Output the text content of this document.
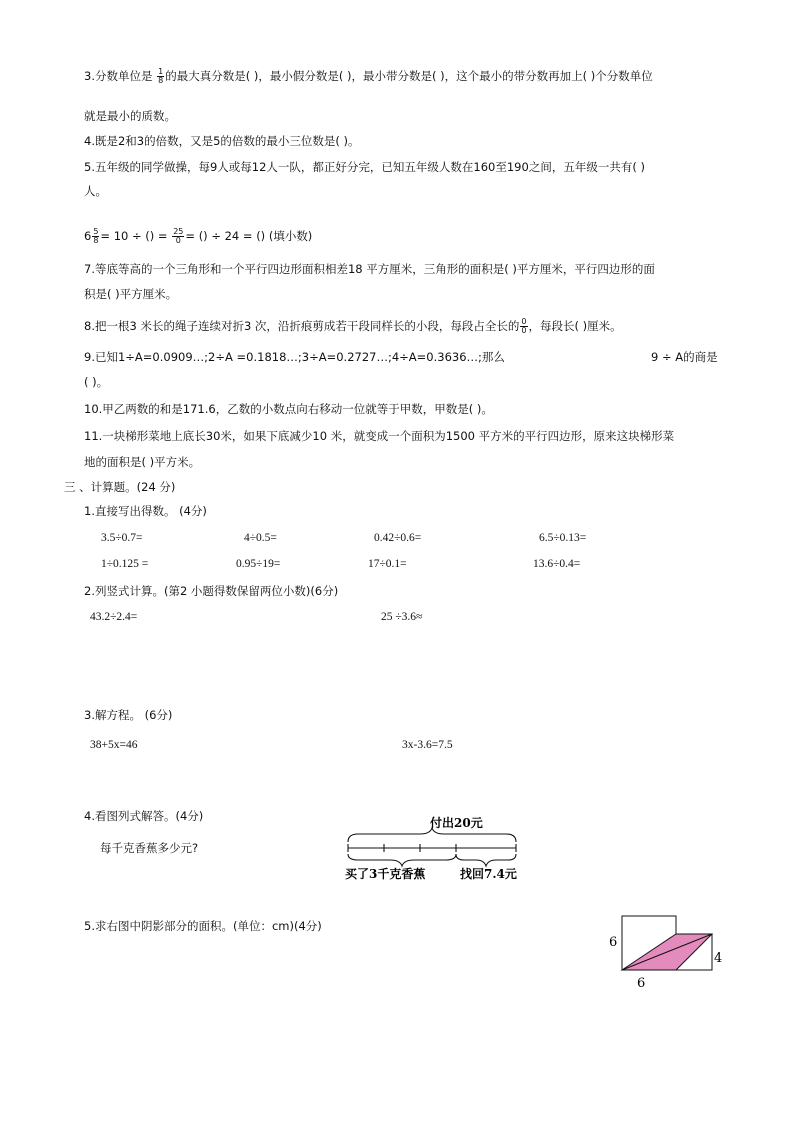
3.分数单位是 $\frac{1}{8}$ 的最大真分数是( )，最小假分数是( )，最小带分数是( )，这个最小的带分数再加上( )个分数单位
就是最小的质数。
4.既是2和3的倍数，又是5的倍数的最小三位数是( )。
5.五年级的同学做操，每9人或每12人一队，都正好分完，已知五年级人数在160至190之间，五年级一共有( )
人。
$6 \frac{5}{8} = 10$ ÷ () = $\frac{25}{0}$ = () ÷ 24 = () (填小数)
7.等底等高的一个三角形和一个平行四边形面积相差18 平方厘米，三角形的面积是( )平方厘米，平行四边形的面
积是( )平方厘米。
8.把一根3 米长的绳子连续对折3 次，沿折痕剪成若干段同样长的小段，每段占全长的 $\frac{0}{0}$ ，每段长( )厘米。
9.已知1÷A=0.0909…;2÷A =0.1818…;3÷A=0.2727…;4÷A=0.3636…;那么	9 ÷ A的商是
( )。
10.甲乙两数的和是171.6，乙数的小数点向右移动一位就等于甲数，甲数是( )。
11.一块梯形菜地上底长30米，如果下底减少10 米，就变成一个面积为1500 平方米的平行四边形，原来这块梯形菜
地的面积是( )平方米。
三 、计算题。(24 分)
1.直接写出得数。 (4分)
3.5÷0.7=	4÷0.5=	0.42÷0.6=	6.5÷0.13=
1÷0.125 =	0.95÷19=	17÷0.1=	13.6÷0.4=
2.列竖式计算。(第2 小题得数保留两位小数)(6分)
43.2÷2.4=	25 ÷3.6≈
3.解方程。 (6分)
38+5x=46	3x-3.6=7.5
4.看图列式解答。(4分)
每千克香蕉多少元?
付出20元
买了3千克香蕉	找回7.4元
5.求右图中阴影部分的面积。(单位：cm)(4分)
6
6
4
